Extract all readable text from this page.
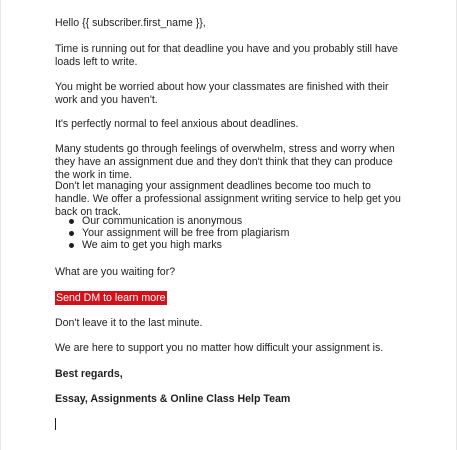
Hello {{ subscriber.first_name }},

Time is running out for that deadline you have and you probably still have loads left to write.

You might be worried about how your classmates are finished with their work and you haven't.

It's perfectly normal to feel anxious about deadlines.

Many students go through feelings of overwhelm, stress and worry when they have an assignment due and they don't think that they can produce the work in time.

Don't let managing your assignment deadlines become too much to handle. We offer a professional assignment writing service to help get you back on track.

Our communication is anonymous
Your assignment will be free from plagiarism
We aim to get you high marks

What are you waiting for?

Send DM to learn more

Don't leave it to the last minute.

We are here to support you no matter how difficult your assignment is.

Best regards,

Essay, Assignments & Online Class Help Team
